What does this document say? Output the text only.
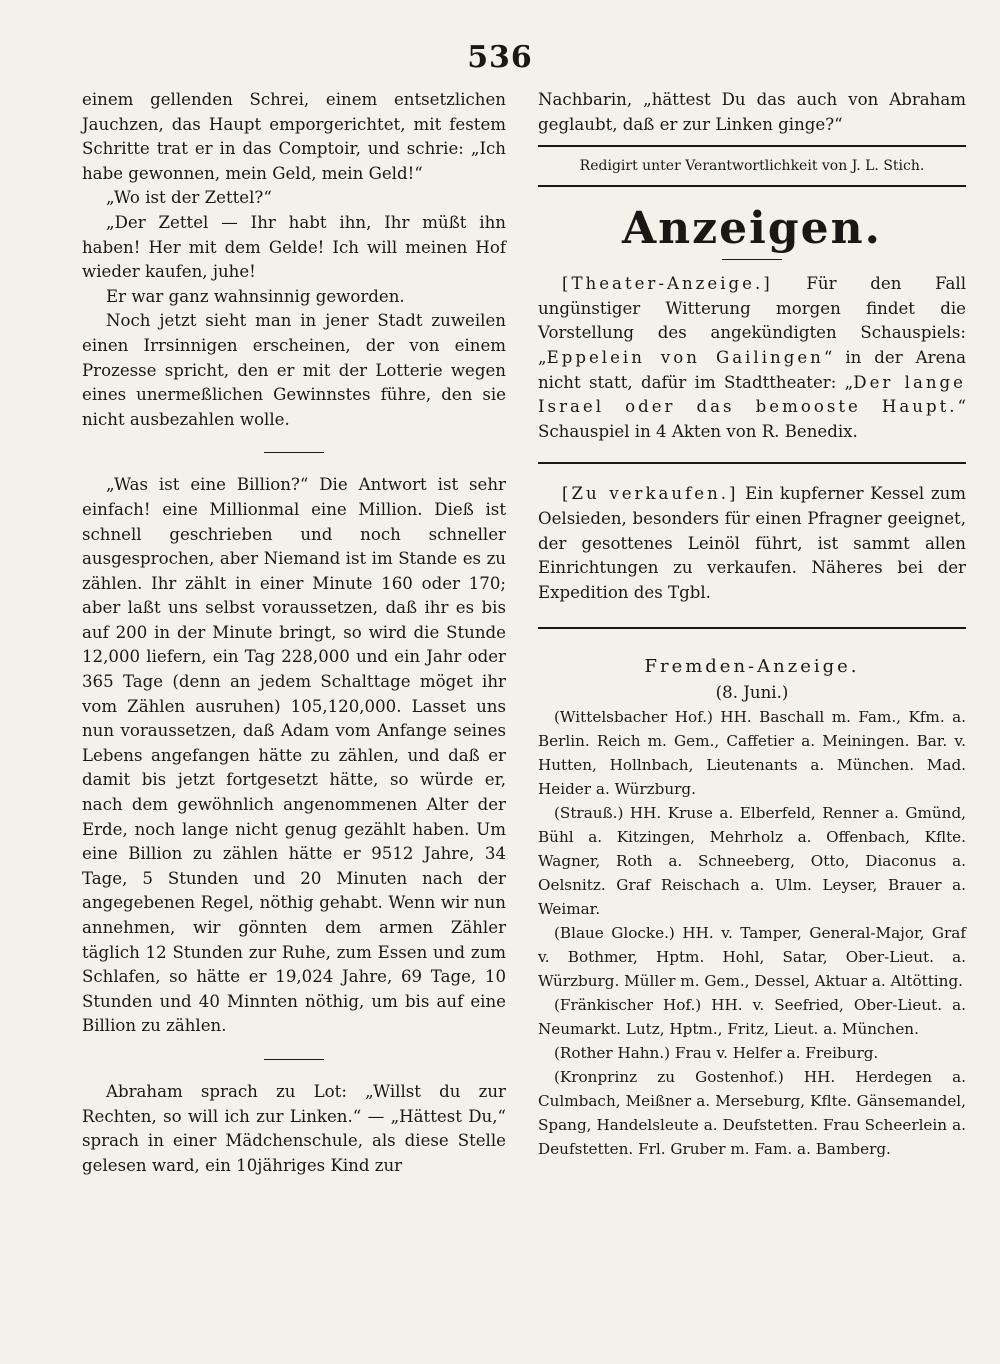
536

einem gellenden Schrei, einem entsetzlichen Jauchzen, das Haupt emporgerichtet, mit festem Schritte trat er in das Comptoir, und schrie: „Ich habe gewonnen, mein Geld, mein Geld!“

„Wo ist der Zettel?“

„Der Zettel — Ihr habt ihn, Ihr müßt ihn haben! Her mit dem Gelde! Ich will meinen Hof wieder kaufen, juhe!

Er war ganz wahnsinnig geworden.

Noch jetzt sieht man in jener Stadt zuweilen einen Irrsinnigen erscheinen, der von einem Prozesse spricht, den er mit der Lotterie wegen eines unermeßlichen Gewinnstes führe, den sie nicht ausbezahlen wolle.

„Was ist eine Billion?“ Die Antwort ist sehr einfach! eine Millionmal eine Million. Dieß ist schnell geschrieben und noch schneller ausgesprochen, aber Niemand ist im Stande es zu zählen. Ihr zählt in einer Minute 160 oder 170; aber laßt uns selbst voraussetzen, daß ihr es bis auf 200 in der Minute bringt, so wird die Stunde 12,000 liefern, ein Tag 228,000 und ein Jahr oder 365 Tage (denn an jedem Schalttage möget ihr vom Zählen ausruhen) 105,120,000. Lasset uns nun voraussetzen, daß Adam vom Anfange seines Lebens angefangen hätte zu zählen, und daß er damit bis jetzt fortgesetzt hätte, so würde er, nach dem gewöhnlich angenommenen Alter der Erde, noch lange nicht genug gezählt haben. Um eine Billion zu zählen hätte er 9512 Jahre, 34 Tage, 5 Stunden und 20 Minuten nach der angegebenen Regel, nöthig gehabt. Wenn wir nun annehmen, wir gönnten dem armen Zähler täglich 12 Stunden zur Ruhe, zum Essen und zum Schlafen, so hätte er 19,024 Jahre, 69 Tage, 10 Stunden und 40 Minnten nöthig, um bis auf eine Billion zu zählen.

Abraham sprach zu Lot: „Willst du zur Rechten, so will ich zur Linken.“ — „Hättest Du,“ sprach in einer Mädchenschule, als diese Stelle gelesen ward, ein 10jähriges Kind zur

Nachbarin, „hättest Du das auch von Abraham geglaubt, daß er zur Linken ginge?“

Redigirt unter Verantwortlichkeit von J. L. Stich.

Anzeigen.

[Theater-Anzeige.] Für den Fall ungünstiger Witterung morgen findet die Vorstellung des angekündigten Schauspiels: „Eppelein von Gailingen“ in der Arena nicht statt, dafür im Stadttheater: „Der lange Israel oder das bemooste Haupt.“ Schauspiel in 4 Akten von R. Benedix.

[Zu verkaufen.] Ein kupferner Kessel zum Oelsieden, besonders für einen Pfragner geeignet, der gesottenes Leinöl führt, ist sammt allen Einrichtungen zu verkaufen. Näheres bei der Expedition des Tgbl.

Fremden-Anzeige.

(8. Juni.)

(Wittelsbacher Hof.) HH. Baschall m. Fam., Kfm. a. Berlin. Reich m. Gem., Caffetier a. Meiningen. Bar. v. Hutten, Hollnbach, Lieutenants a. München. Mad. Heider a. Würzburg.

(Strauß.) HH. Kruse a. Elberfeld, Renner a. Gmünd, Bühl a. Kitzingen, Mehrholz a. Offenbach, Kflte. Wagner, Roth a. Schneeberg, Otto, Diaconus a. Oelsnitz. Graf Reischach a. Ulm. Leyser, Brauer a. Weimar.

(Blaue Glocke.) HH. v. Tamper, General-Major, Graf v. Bothmer, Hptm. Hohl, Satar, Ober-Lieut. a. Würzburg. Müller m. Gem., Dessel, Aktuar a. Altötting.

(Fränkischer Hof.) HH. v. Seefried, Ober-Lieut. a. Neumarkt. Lutz, Hptm., Fritz, Lieut. a. München.

(Rother Hahn.) Frau v. Helfer a. Freiburg.

(Kronprinz zu Gostenhof.) HH. Herdegen a. Culmbach, Meißner a. Merseburg, Kflte. Gänsemandel, Spang, Handelsleute a. Deufstetten. Frau Scheerlein a. Deufstetten. Frl. Gruber m. Fam. a. Bamberg.
